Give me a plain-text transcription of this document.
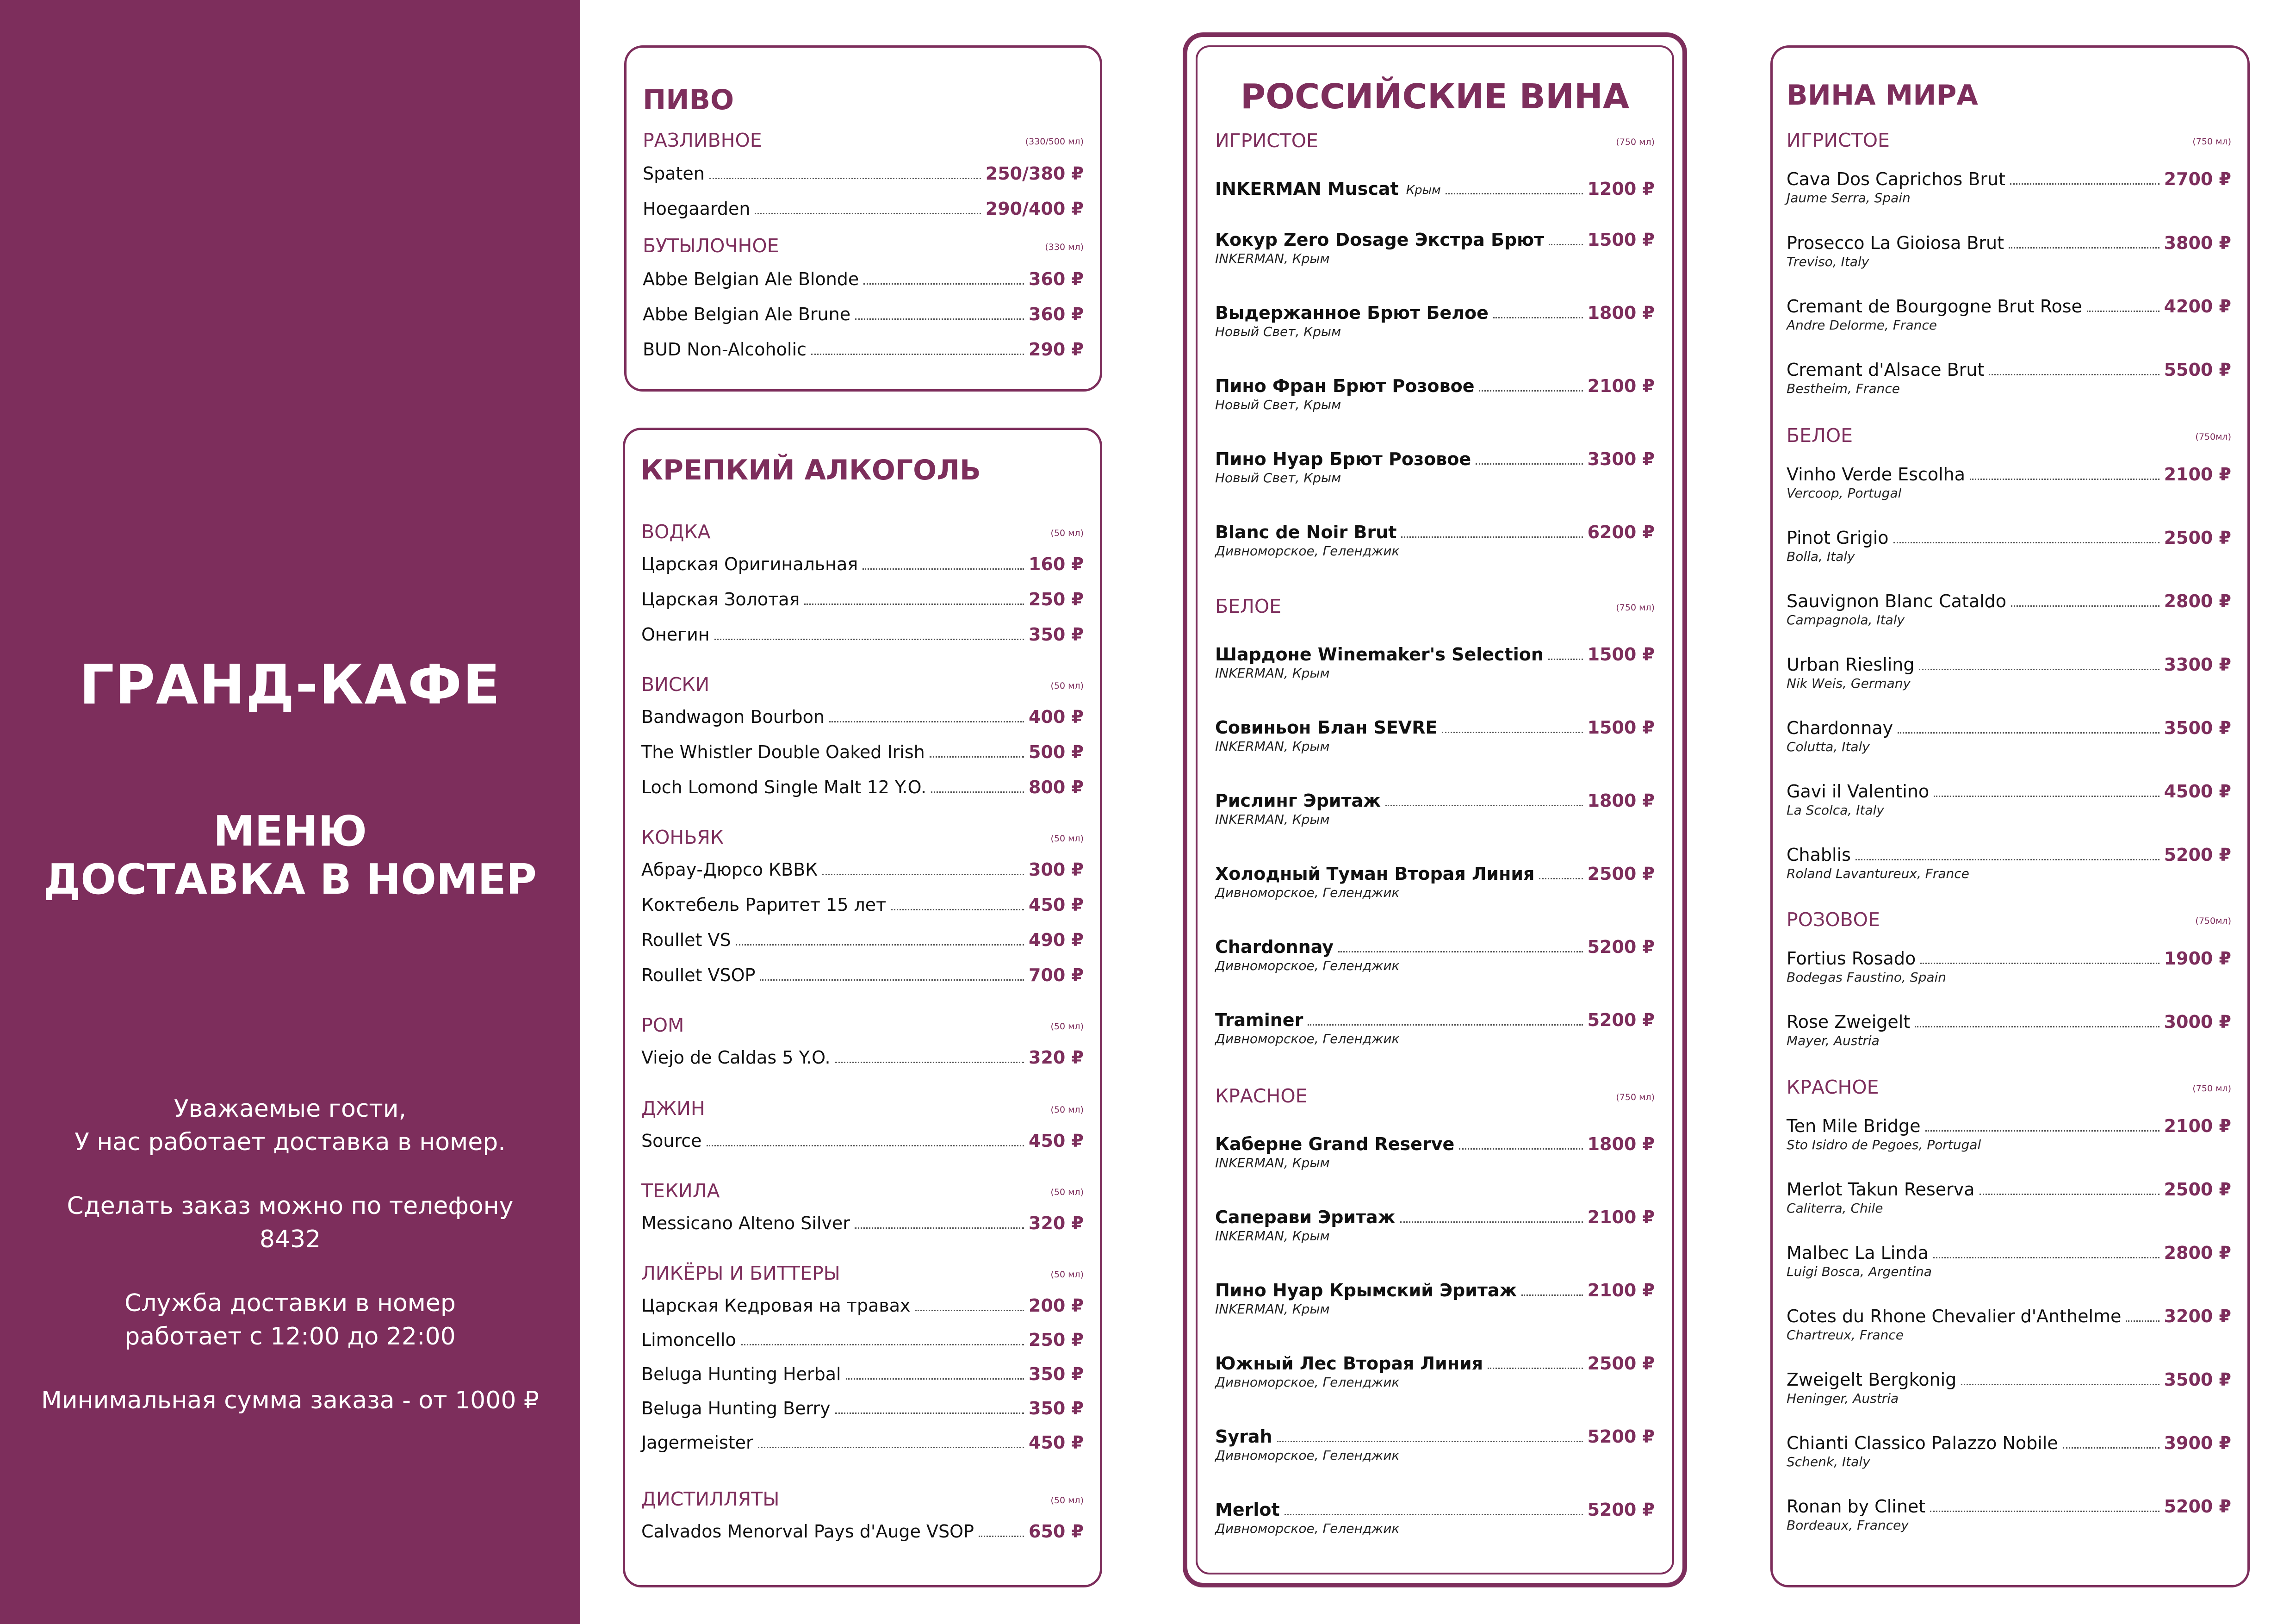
ГРАНД-КАФЕ
МЕНЮ
ДОСТАВКА В НОМЕР

Уважаемые гости,
У нас работает доставка в номер.

Сделать заказ можно по телефону
8432

Служба доставки в номер
работает с 12:00 до 22:00

Минимальная сумма заказа - от 1000 ₽

ПИВО
РАЗЛИВНОЕ	(330/500 мл)
Spaten	250/380 ₽
Hoegaarden	290/400 ₽
БУТЫЛОЧНОЕ	(330 мл)
Abbe Belgian Ale Blonde	360 ₽
Abbe Belgian Ale Brune	360 ₽
BUD Non-Alcoholic	290 ₽
КРЕПКИЙ АЛКОГОЛЬ
ВОДКА	(50 мл)
Царская Оригинальная	160 ₽
Царская Золотая	250 ₽
Онегин	350 ₽
ВИСКИ	(50 мл)
Bandwagon Bourbon	400 ₽
The Whistler Double Oaked Irish	500 ₽
Loch Lomond Single Malt 12 Y.O.	800 ₽
КОНЬЯК	(50 мл)
Абрау-Дюрсо КВВК	300 ₽
Коктебель Раритет 15 лет	450 ₽
Roullet VS	490 ₽
Roullet VSOP	700 ₽
РОМ	(50 мл)
Viejo de Caldas 5 Y.O.	320 ₽
ДЖИН	(50 мл)
Source	450 ₽
ТЕКИЛА	(50 мл)
Messicano Alteno Silver	320 ₽
ЛИКЁРЫ И БИТТЕРЫ	(50 мл)
Царская Кедровая на травах	200 ₽
Limoncello	250 ₽
Beluga Hunting Herbal	350 ₽
Beluga Hunting Berry	350 ₽
Jagermeister	450 ₽
ДИСТИЛЛЯТЫ	(50 мл)
Calvados Menorval Pays d'Auge VSOP	650 ₽
РОССИЙСКИЕ ВИНА
ИГРИСТОЕ	(750 мл)
INKERMAN Muscat Крым	1200 ₽
Кокур Zero Dosage Экстра Брют 1500 ₽
INKERMAN, Крым
Выдержанное Брют Белое	1800 ₽
Новый Свет, Крым
Пино Фран Брют Розовое	2100 ₽
Новый Свет, Крым
Пино Нуар Брют Розовое	3300 ₽
Новый Свет, Крым
Blanc de Noir Brut	6200 ₽
Дивноморское, Геленджик
БЕЛОЕ	(750 мл)
Шардоне Winemaker's Selection 1500 ₽
INKERMAN, Крым
Совиньон Блан SEVRE	1500 ₽
INKERMAN, Крым
Рислинг Эритаж	1800 ₽
INKERMAN, Крым
Холодный Туман Вторая Линия	2500 ₽
Дивноморское, Геленджик
Chardonnay	5200 ₽
Дивноморское, Геленджик
Traminer	5200 ₽
Дивноморское, Геленджик
КРАСНОЕ	(750 мл)
Каберне Grand Reserve	1800 ₽
INKERMAN, Крым
Саперави Эритаж	2100 ₽
INKERMAN, Крым
Пино Нуар Крымский Эритаж	2100 ₽
INKERMAN, Крым
Южный Лес Вторая Линия	2500 ₽
Дивноморское, Геленджик
Syrah	5200 ₽
Дивноморское, Геленджик
Merlot	5200 ₽
Дивноморское, Геленджик
ВИНА МИРА
ИГРИСТОЕ	(750 мл)
Cava Dos Caprichos Brut	2700 ₽
Jaume Serra, Spain
Prosecco La Gioiosa Brut	3800 ₽
Treviso, Italy
Cremant de Bourgogne Brut Rose	4200 ₽
Andre Delorme, France
Cremant d'Alsace Brut	5500 ₽
Bestheim, France
БЕЛОЕ	(750мл)
Vinho Verde Escolha	2100 ₽
Vercoop, Portugal
Pinot Grigio	2500 ₽
Bolla, Italy
Sauvignon Blanc Cataldo	2800 ₽
Campagnola, Italy
Urban Riesling	3300 ₽
Nik Weis, Germany
Chardonnay	3500 ₽
Colutta, Italy
Gavi il Valentino	4500 ₽
La Scolca, Italy
Chablis	5200 ₽
Roland Lavantureux, France
РОЗОВОЕ	(750мл)
Fortius Rosado	1900 ₽
Bodegas Faustino, Spain
Rose Zweigelt	3000 ₽
Mayer, Austria
КРАСНОЕ	(750 мл)
Ten Mile Bridge	2100 ₽
Sto Isidro de Pegoes, Portugal
Merlot Takun Reserva	2500 ₽
Caliterra, Chile
Malbec La Linda	2800 ₽
Luigi Bosca, Argentina
Cotes du Rhone Chevalier d'Anthelme 3200 ₽
Chartreux, France
Zweigelt Bergkonig	3500 ₽
Heninger, Austria
Chianti Classico Palazzo Nobile	3900 ₽
Schenk, Italy
Ronan by Clinet	5200 ₽
Bordeaux, Francey
